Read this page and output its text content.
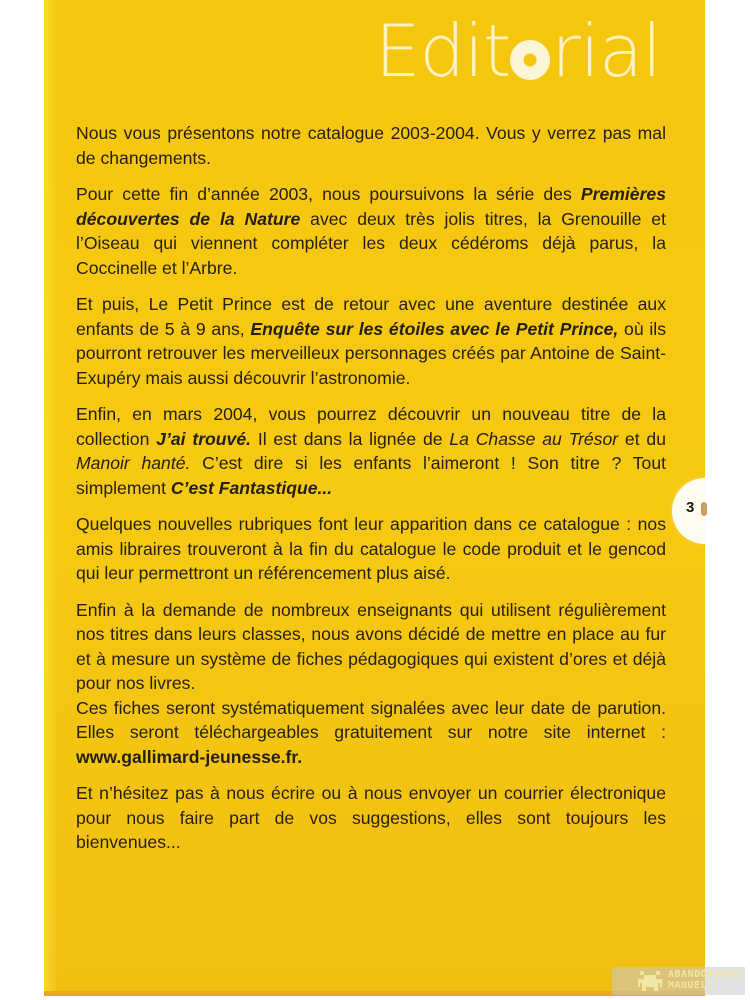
Edit rial

Nous vous présentons notre catalogue 2003-2004. Vous y verrez pas mal de changements.

Pour cette fin d’année 2003, nous poursuivons la série des Premières découvertes de la Nature avec deux très jolis titres, la Grenouille et l’Oiseau qui viennent compléter les deux cédéroms déjà parus, la Coccinelle et l’Arbre.

Et puis, Le Petit Prince est de retour avec une aventure destinée aux enfants de 5 à 9 ans, Enquête sur les étoiles avec le Petit Prince, où ils pourront retrouver les merveilleux personnages créés par Antoine de Saint-Exupéry mais aussi découvrir l’astronomie.

Enfin, en mars 2004, vous pourrez découvrir un nouveau titre de la collection J’ai trouvé. Il est dans la lignée de La Chasse au Trésor et du Manoir hanté. C’est dire si les enfants l’aimeront ! Son titre ? Tout simplement C’est Fantastique...

Quelques nouvelles rubriques font leur apparition dans ce catalogue : nos amis libraires trouveront à la fin du catalogue le code produit et le gencod qui leur permettront un référencement plus aisé.

Enfin à la demande de nombreux enseignants qui utilisent régulièrement nos titres dans leurs classes, nous avons décidé de mettre en place au fur et à mesure un système de fiches pédagogiques qui existent d’ores et déjà pour nos livres.

Ces fiches seront systématiquement signalées avec leur date de parution. Elles seront téléchargeables gratuitement sur notre site internet : www.gallimard-jeunesse.fr.

Et n’hésitez pas à nous écrire ou à nous envoyer un courrier électronique pour nous faire part de vos suggestions, elles sont toujours les bienvenues...

3
ABANDONWARE
MANUELS
